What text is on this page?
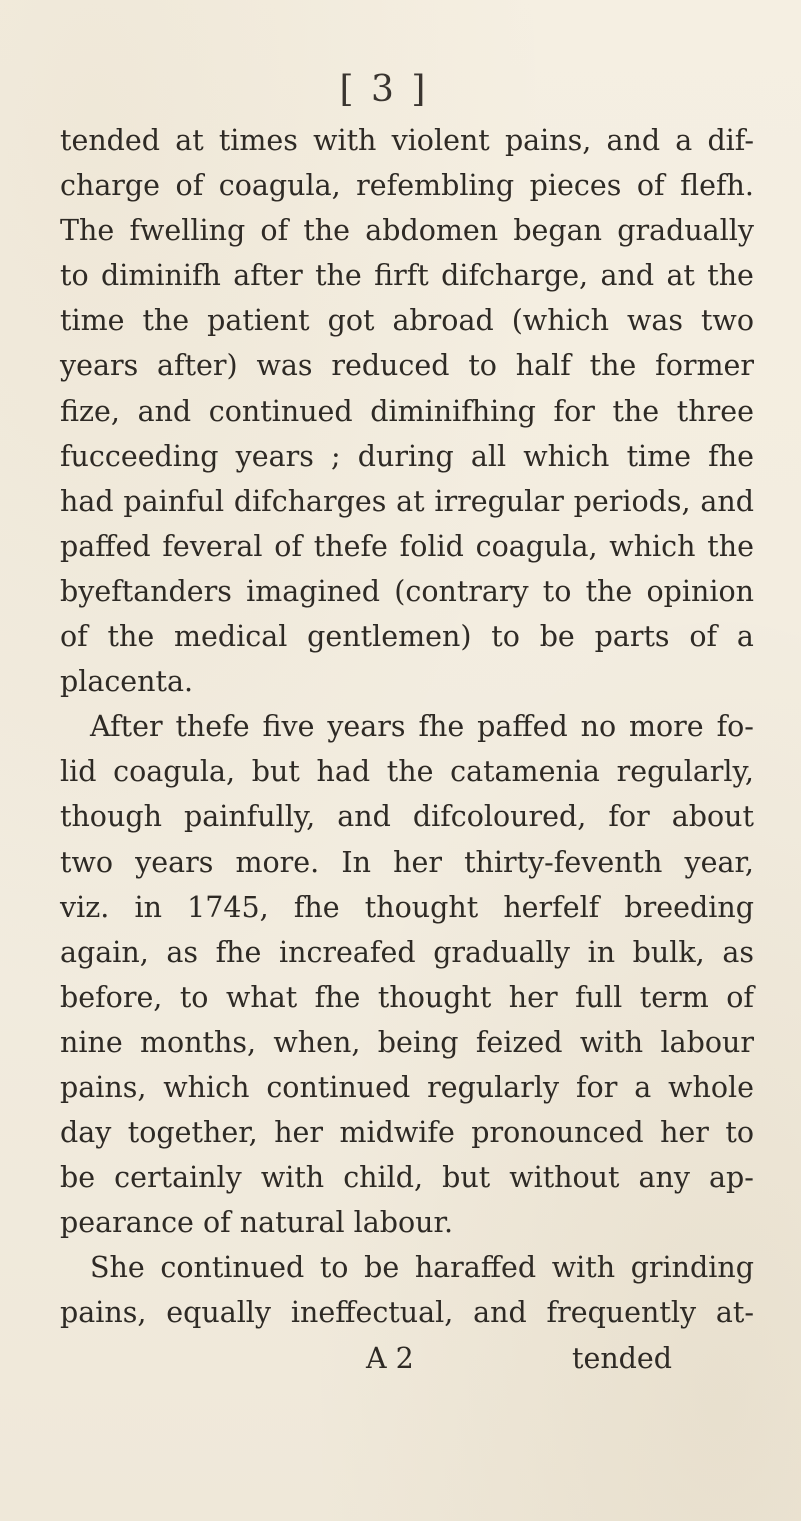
[ 3 ]
tended at times with violent pains, and a dif-
charge of coagula, refembling pieces of flefh.
The fwelling of the abdomen began gradually
to diminifh after the firft difcharge, and at the
time the patient got abroad (which was two
years after) was reduced to half the former
fize, and continued diminifhing for the three
fucceeding years ; during all which time fhe
had painful difcharges at irregular periods, and
paffed feveral of thefe folid coagula, which the
byeftanders imagined (contrary to the opinion
of the medical gentlemen) to be parts of a
placenta.
After thefe five years fhe paffed no more fo-
lid coagula, but had the catamenia regularly,
though painfully, and difcoloured, for about
two years more. In her thirty-feventh year,
viz. in 1745, fhe thought herfelf breeding
again, as fhe increafed gradually in bulk, as
before, to what fhe thought her full term of
nine months, when, being feized with labour
pains, which continued regularly for a whole
day together, her midwife pronounced her to
be certainly with child, but without any ap-
pearance of natural labour.
She continued to be haraffed with grinding
pains, equally ineffectual, and frequently at-
A 2	tended
